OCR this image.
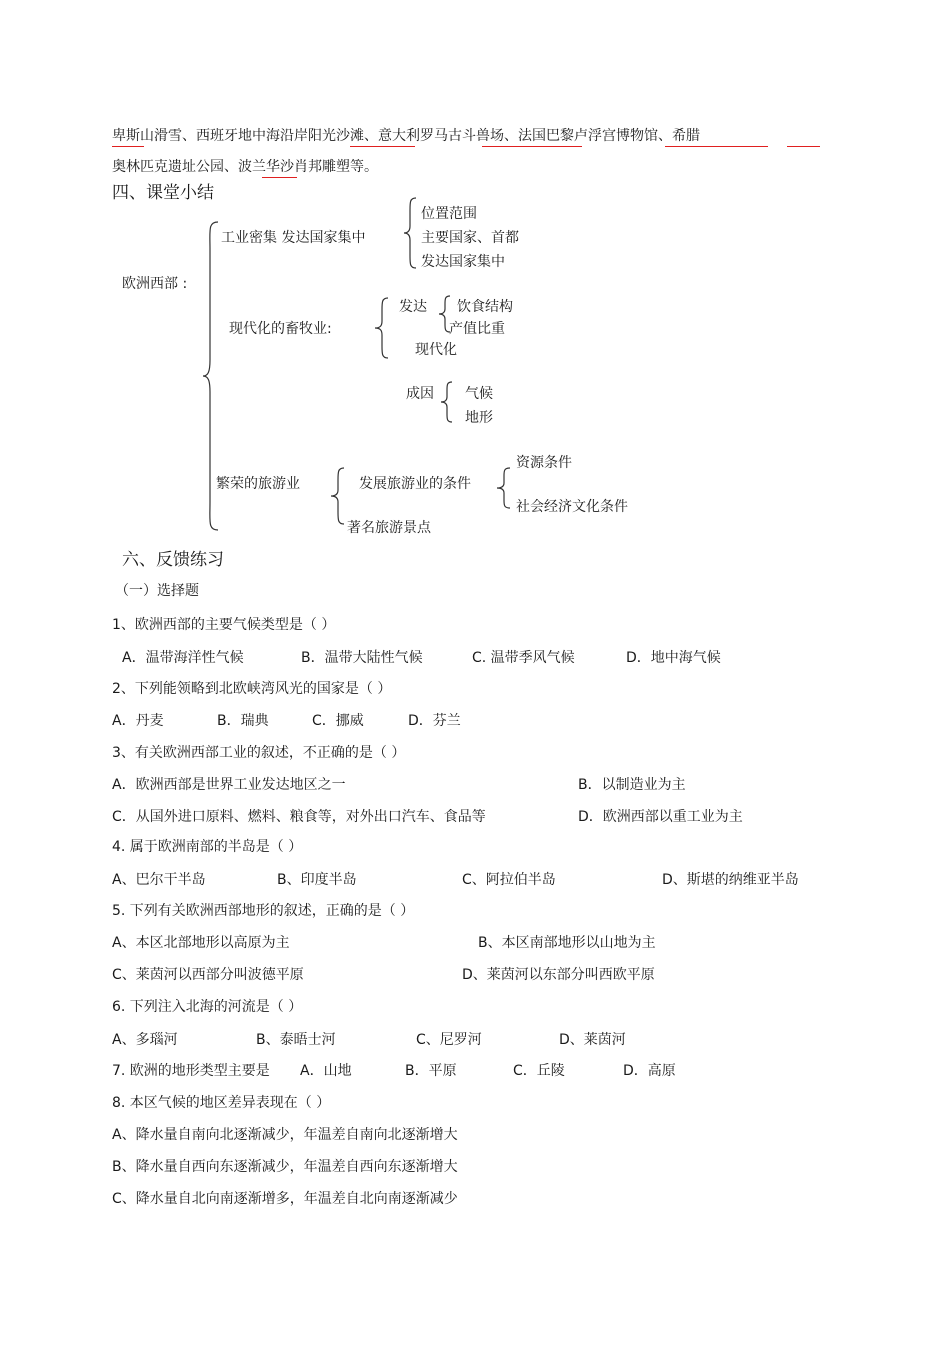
卑斯山滑雪、西班牙地中海沿岸阳光沙滩、意大利罗马古斗兽场、法国巴黎卢浮宫博物馆、希腊
奥林匹克遗址公园、波兰华沙肖邦雕塑等。
四、课堂小结
欧洲西部 :
工业密集 发达国家集中
位置范围
主要国家、首都
发达国家集中
现代化的畜牧业:
发达 饮食结构
产值比重
现代化
成因 气候
地形
繁荣的旅游业	发展旅游业的条件
资源条件
社会经济文化条件
著名旅游景点
六、反馈练习
（一）选择题
1、欧洲西部的主要气候类型是（ ）
A．温带海洋性气候	B．温带大陆性气候	C. 温带季风气候	D．地中海气候
2、下列能领略到北欧峡湾风光的国家是（ ）
A．丹麦	B．瑞典	C．挪威	D．芬兰
3、有关欧洲西部工业的叙述，不正确的是（ ）
A．欧洲西部是世界工业发达地区之一	B．以制造业为主
C．从国外进口原料、燃料、粮食等，对外出口汽车、食品等	D．欧洲西部以重工业为主
4. 属于欧洲南部的半岛是（ ）
A、巴尔干半岛	B、印度半岛	C、阿拉伯半岛	D、斯堪的纳维亚半岛
5. 下列有关欧洲西部地形的叙述，正确的是（ ）
A、本区北部地形以高原为主	B、本区南部地形以山地为主
C、莱茵河以西部分叫波德平原	D、莱茵河以东部分叫西欧平原
6. 下列注入北海的河流是（ ）
A、多瑙河	B、泰晤士河	C、尼罗河	D、莱茵河
7. 欧洲的地形类型主要是 A．山地	B．平原	C．丘陵	D．高原
8. 本区气候的地区差异表现在（ ）
A、降水量自南向北逐渐减少，年温差自南向北逐渐增大
B、降水量自西向东逐渐减少，年温差自西向东逐渐增大
C、降水量自北向南逐渐增多，年温差自北向南逐渐减少
